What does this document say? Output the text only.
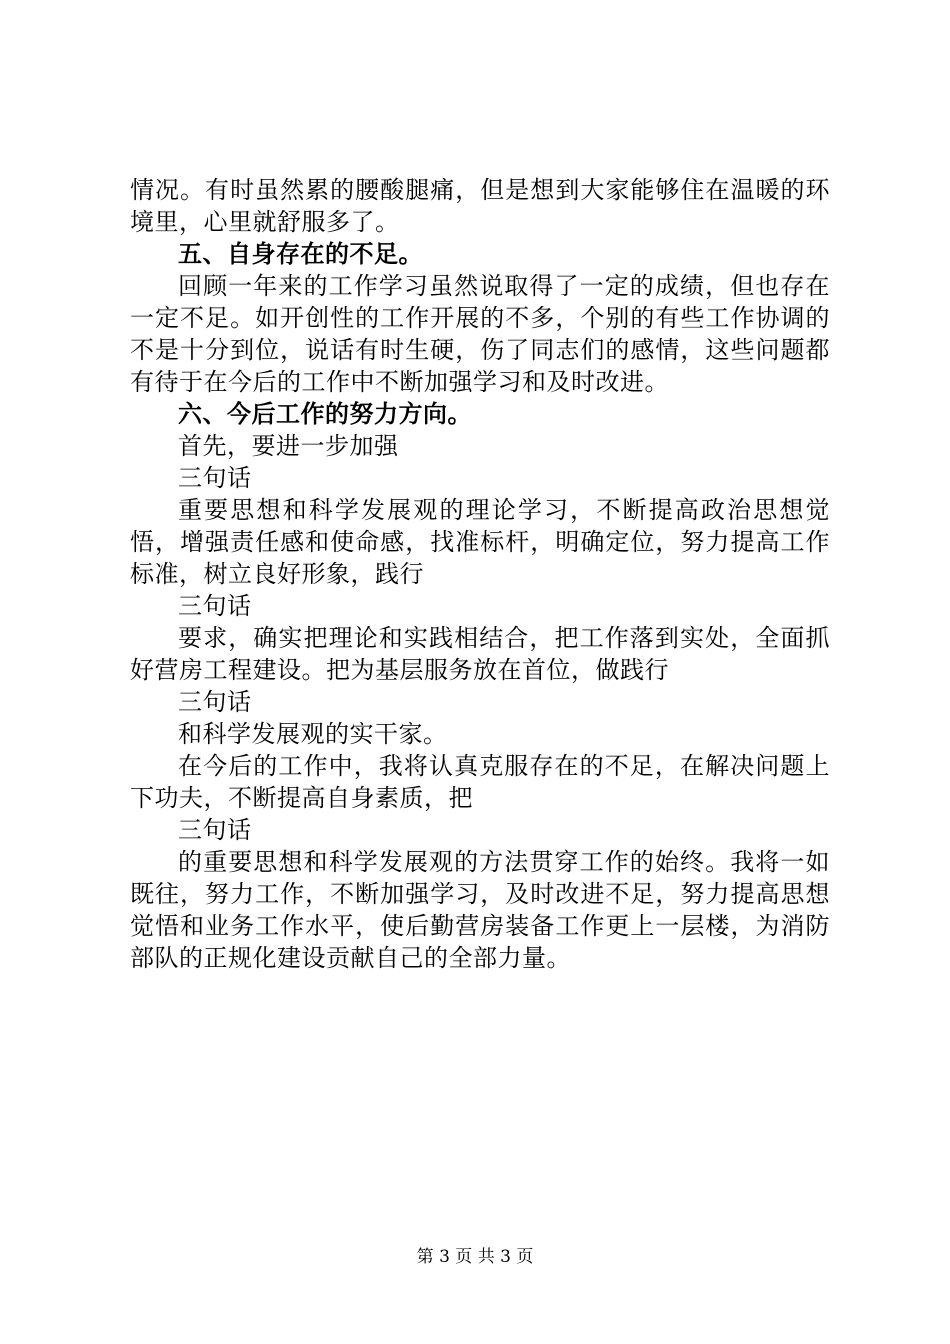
情况。有时虽然累的腰酸腿痛，但是想到大家能够住在温暖的环境里，心里就舒服多了。

五、自身存在的不足。

回顾一年来的工作学习虽然说取得了一定的成绩，但也存在一定不足。如开创性的工作开展的不多，个别的有些工作协调的不是十分到位，说话有时生硬，伤了同志们的感情，这些问题都有待于在今后的工作中不断加强学习和及时改进。

六、今后工作的努力方向。

首先，要进一步加强

三句话

重要思想和科学发展观的理论学习，不断提高政治思想觉悟，增强责任感和使命感，找准标杆，明确定位，努力提高工作标准，树立良好形象，践行

三句话

要求，确实把理论和实践相结合，把工作落到实处，全面抓好营房工程建设。把为基层服务放在首位，做践行

三句话

和科学发展观的实干家。

在今后的工作中，我将认真克服存在的不足，在解决问题上下功夫，不断提高自身素质，把

三句话

的重要思想和科学发展观的方法贯穿工作的始终。我将一如既往，努力工作，不断加强学习，及时改进不足，努力提高思想觉悟和业务工作水平，使后勤营房装备工作更上一层楼，为消防部队的正规化建设贡献自己的全部力量。

第 3 页 共 3 页
